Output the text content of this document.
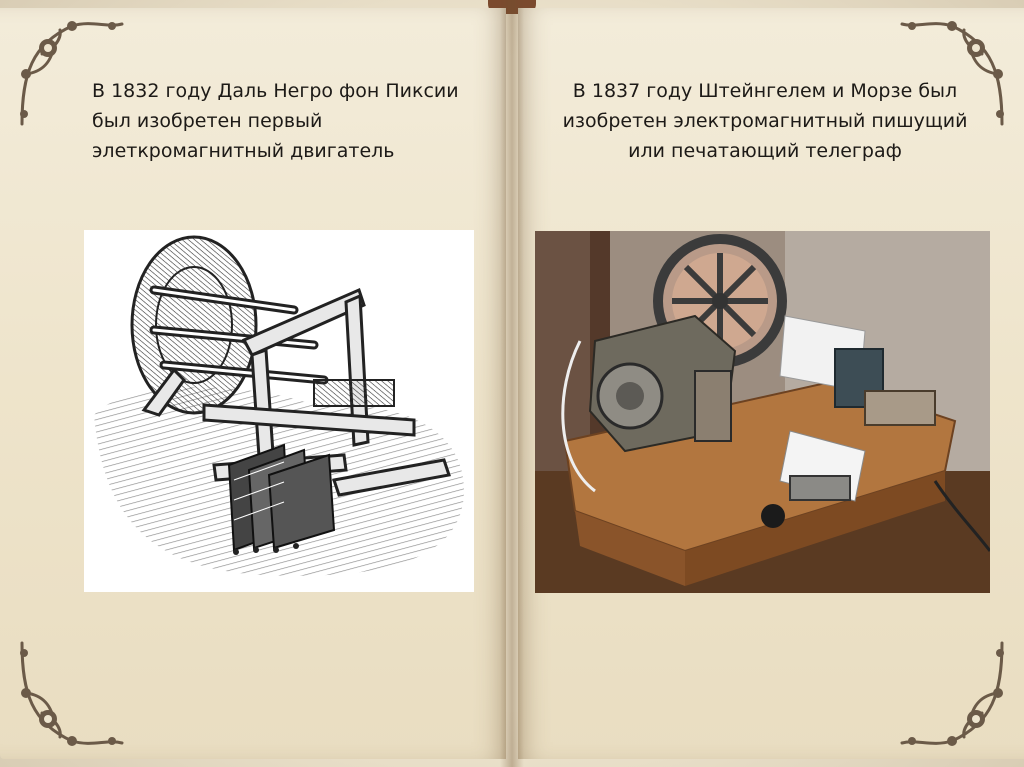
В 1832 году Даль Негро фон Пиксии был изобретен первый элеткромагнитный двигатель
В 1837 году Штейнгелем и Морзе был изобретен электромагнитный пишущий или печатающий телеграф
